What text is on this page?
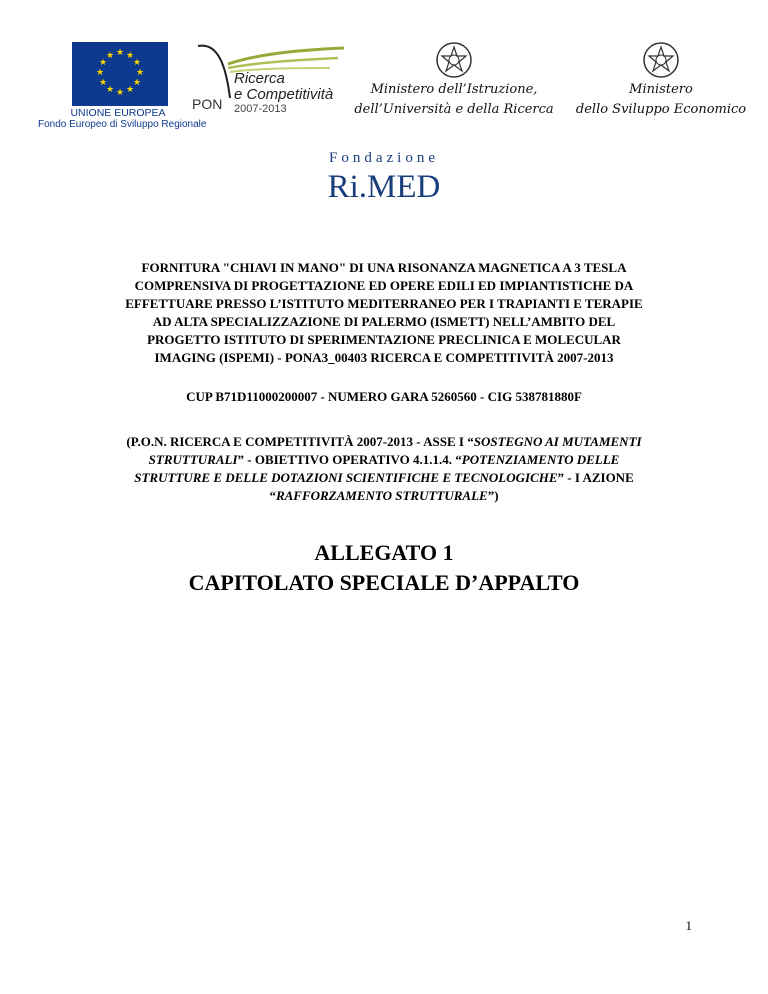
★ ★
★
★
★
★
★
★
★
★
★
★
UNIONE EUROPEA
Fondo Europeo di Sviluppo Regionale
PON
Ricerca
e Competitività
2007-2013
Ministero dell’Istruzione,
dell’Università e della Ricerca
Ministero
dello Sviluppo Economico
Fondazione
Ri.MED
FORNITURA "CHIAVI IN MANO" DI UNA RISONANZA MAGNETICA A 3 TESLA
COMPRENSIVA DI PROGETTAZIONE ED OPERE EDILI ED IMPIANTISTICHE DA
EFFETTUARE PRESSO L’ISTITUTO MEDITERRANEO PER I TRAPIANTI E TERAPIE
AD ALTA SPECIALIZZAZIONE DI PALERMO (ISMETT) NELL’AMBITO DEL
PROGETTO ISTITUTO DI SPERIMENTAZIONE PRECLINICA E MOLECULAR
IMAGING (ISPEMI) - PONA3_00403 RICERCA E COMPETITIVITÀ 2007-2013
CUP B71D11000200007 - NUMERO GARA 5260560 - CIG 538781880F
(P.O.N. RICERCA E COMPETITIVITÀ 2007-2013 - ASSE I “SOSTEGNO AI MUTAMENTI
STRUTTURALI” - OBIETTIVO OPERATIVO 4.1.1.4. “POTENZIAMENTO DELLE
STRUTTURE E DELLE DOTAZIONI SCIENTIFICHE E TECNOLOGICHE” - I AZIONE
“RAFFORZAMENTO STRUTTURALE”)
ALLEGATO 1
CAPITOLATO SPECIALE D’APPALTO
1
